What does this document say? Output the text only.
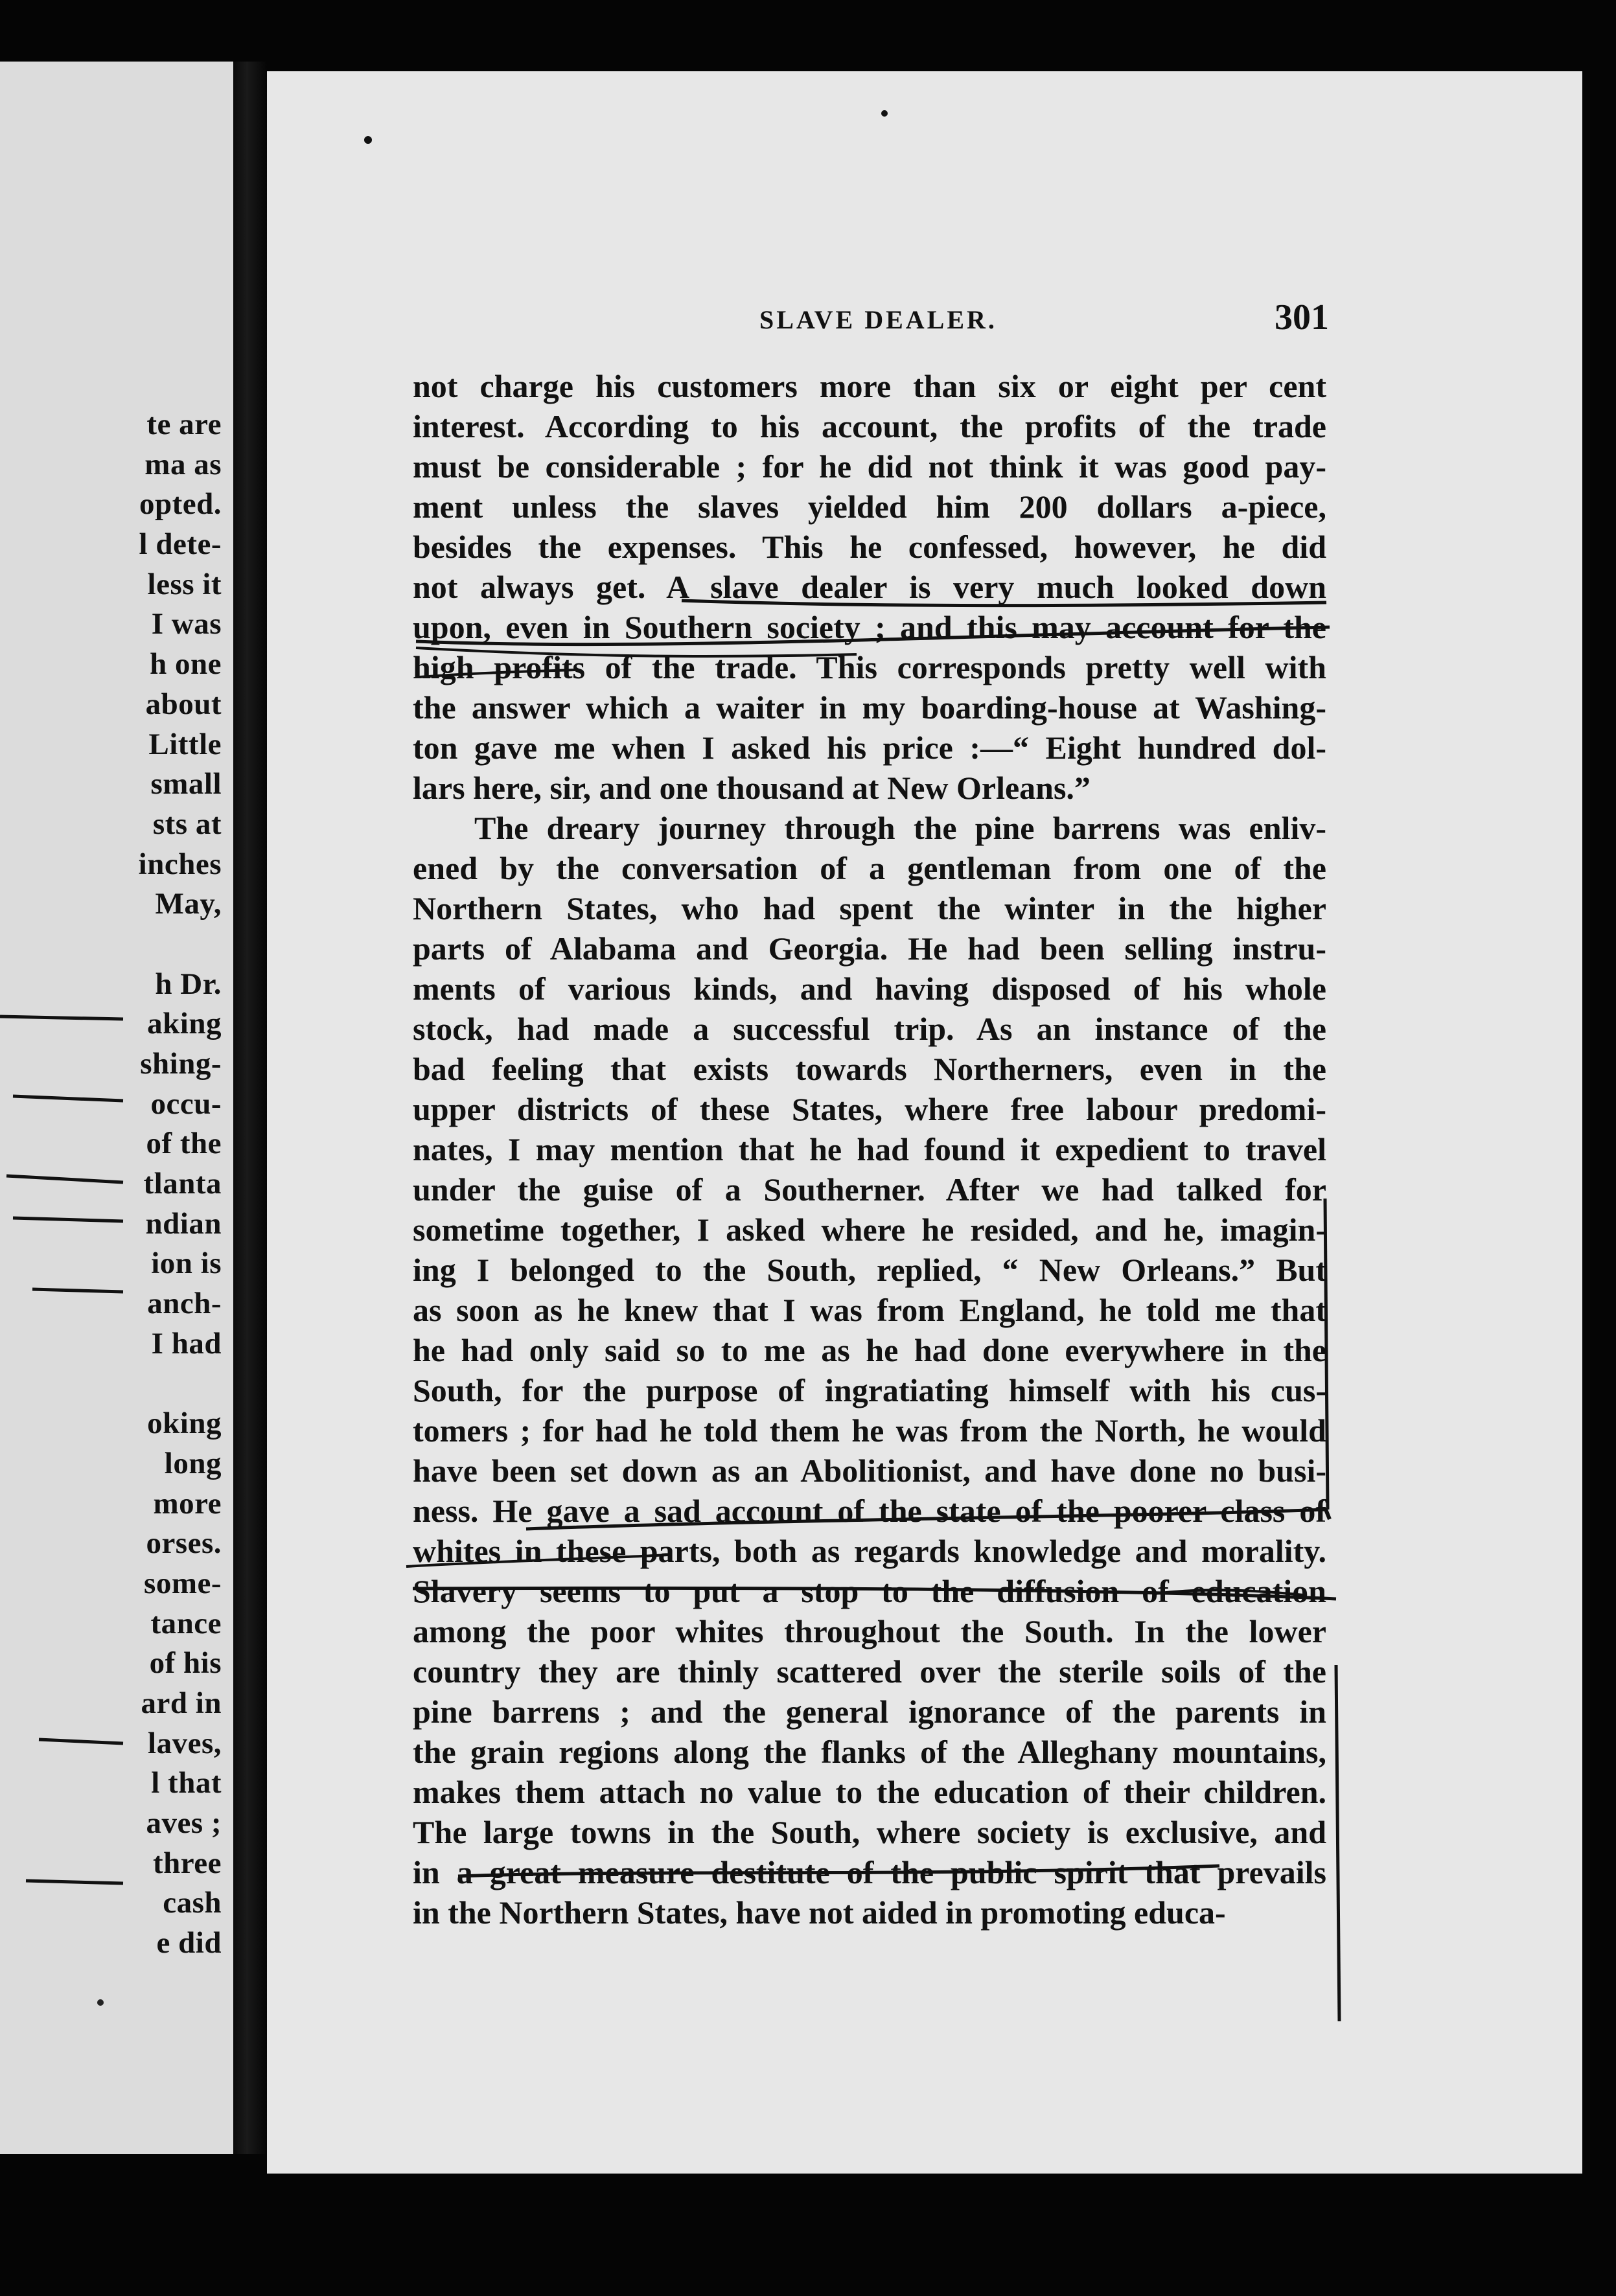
te are
ma as
opted.
l dete-
less it
I was
h one
about
Little
small
sts at
inches
May,
h Dr.
aking
shing-
occu-
of the
tlanta
ndian
ion is
anch-
I had
oking
long
more
orses.
some-
tance
of his
ard in
laves,
l that
aves ;
three
cash
e did
SLAVE DEALER.	301
not charge his customers more than six or eight per cent
interest. According to his account, the profits of the trade
must be considerable ; for he did not think it was good pay-
ment unless the slaves yielded him 200 dollars a-piece,
besides the expenses. This he confessed, however, he did
not always get. A slave dealer is very much looked down
upon, even in Southern society ; and this may account for the
high profits of the trade. This corresponds pretty well with
the answer which a waiter in my boarding-house at Washing-
ton gave me when I asked his price :—“ Eight hundred dol-
lars here, sir, and one thousand at New Orleans.”
The dreary journey through the pine barrens was enliv-
ened by the conversation of a gentleman from one of the
Northern States, who had spent the winter in the higher
parts of Alabama and Georgia. He had been selling instru-
ments of various kinds, and having disposed of his whole
stock, had made a successful trip. As an instance of the
bad feeling that exists towards Northerners, even in the
upper districts of these States, where free labour predomi-
nates, I may mention that he had found it expedient to travel
under the guise of a Southerner. After we had talked for
sometime together, I asked where he resided, and he, imagin-
ing I belonged to the South, replied, “ New Orleans.” But
as soon as he knew that I was from England, he told me that
he had only said so to me as he had done everywhere in the
South, for the purpose of ingratiating himself with his cus-
tomers ; for had he told them he was from the North, he would
have been set down as an Abolitionist, and have done no busi-
ness. He gave a sad account of the state of the poorer class of
whites in these parts, both as regards knowledge and morality.
Slavery seems to put a stop to the diffusion of education
among the poor whites throughout the South. In the lower
country they are thinly scattered over the sterile soils of the
pine barrens ; and the general ignorance of the parents in
the grain regions along the flanks of the Alleghany mountains,
makes them attach no value to the education of their children.
The large towns in the South, where society is exclusive, and
in a great measure destitute of the public spirit that prevails
in the Northern States, have not aided in promoting educa-
